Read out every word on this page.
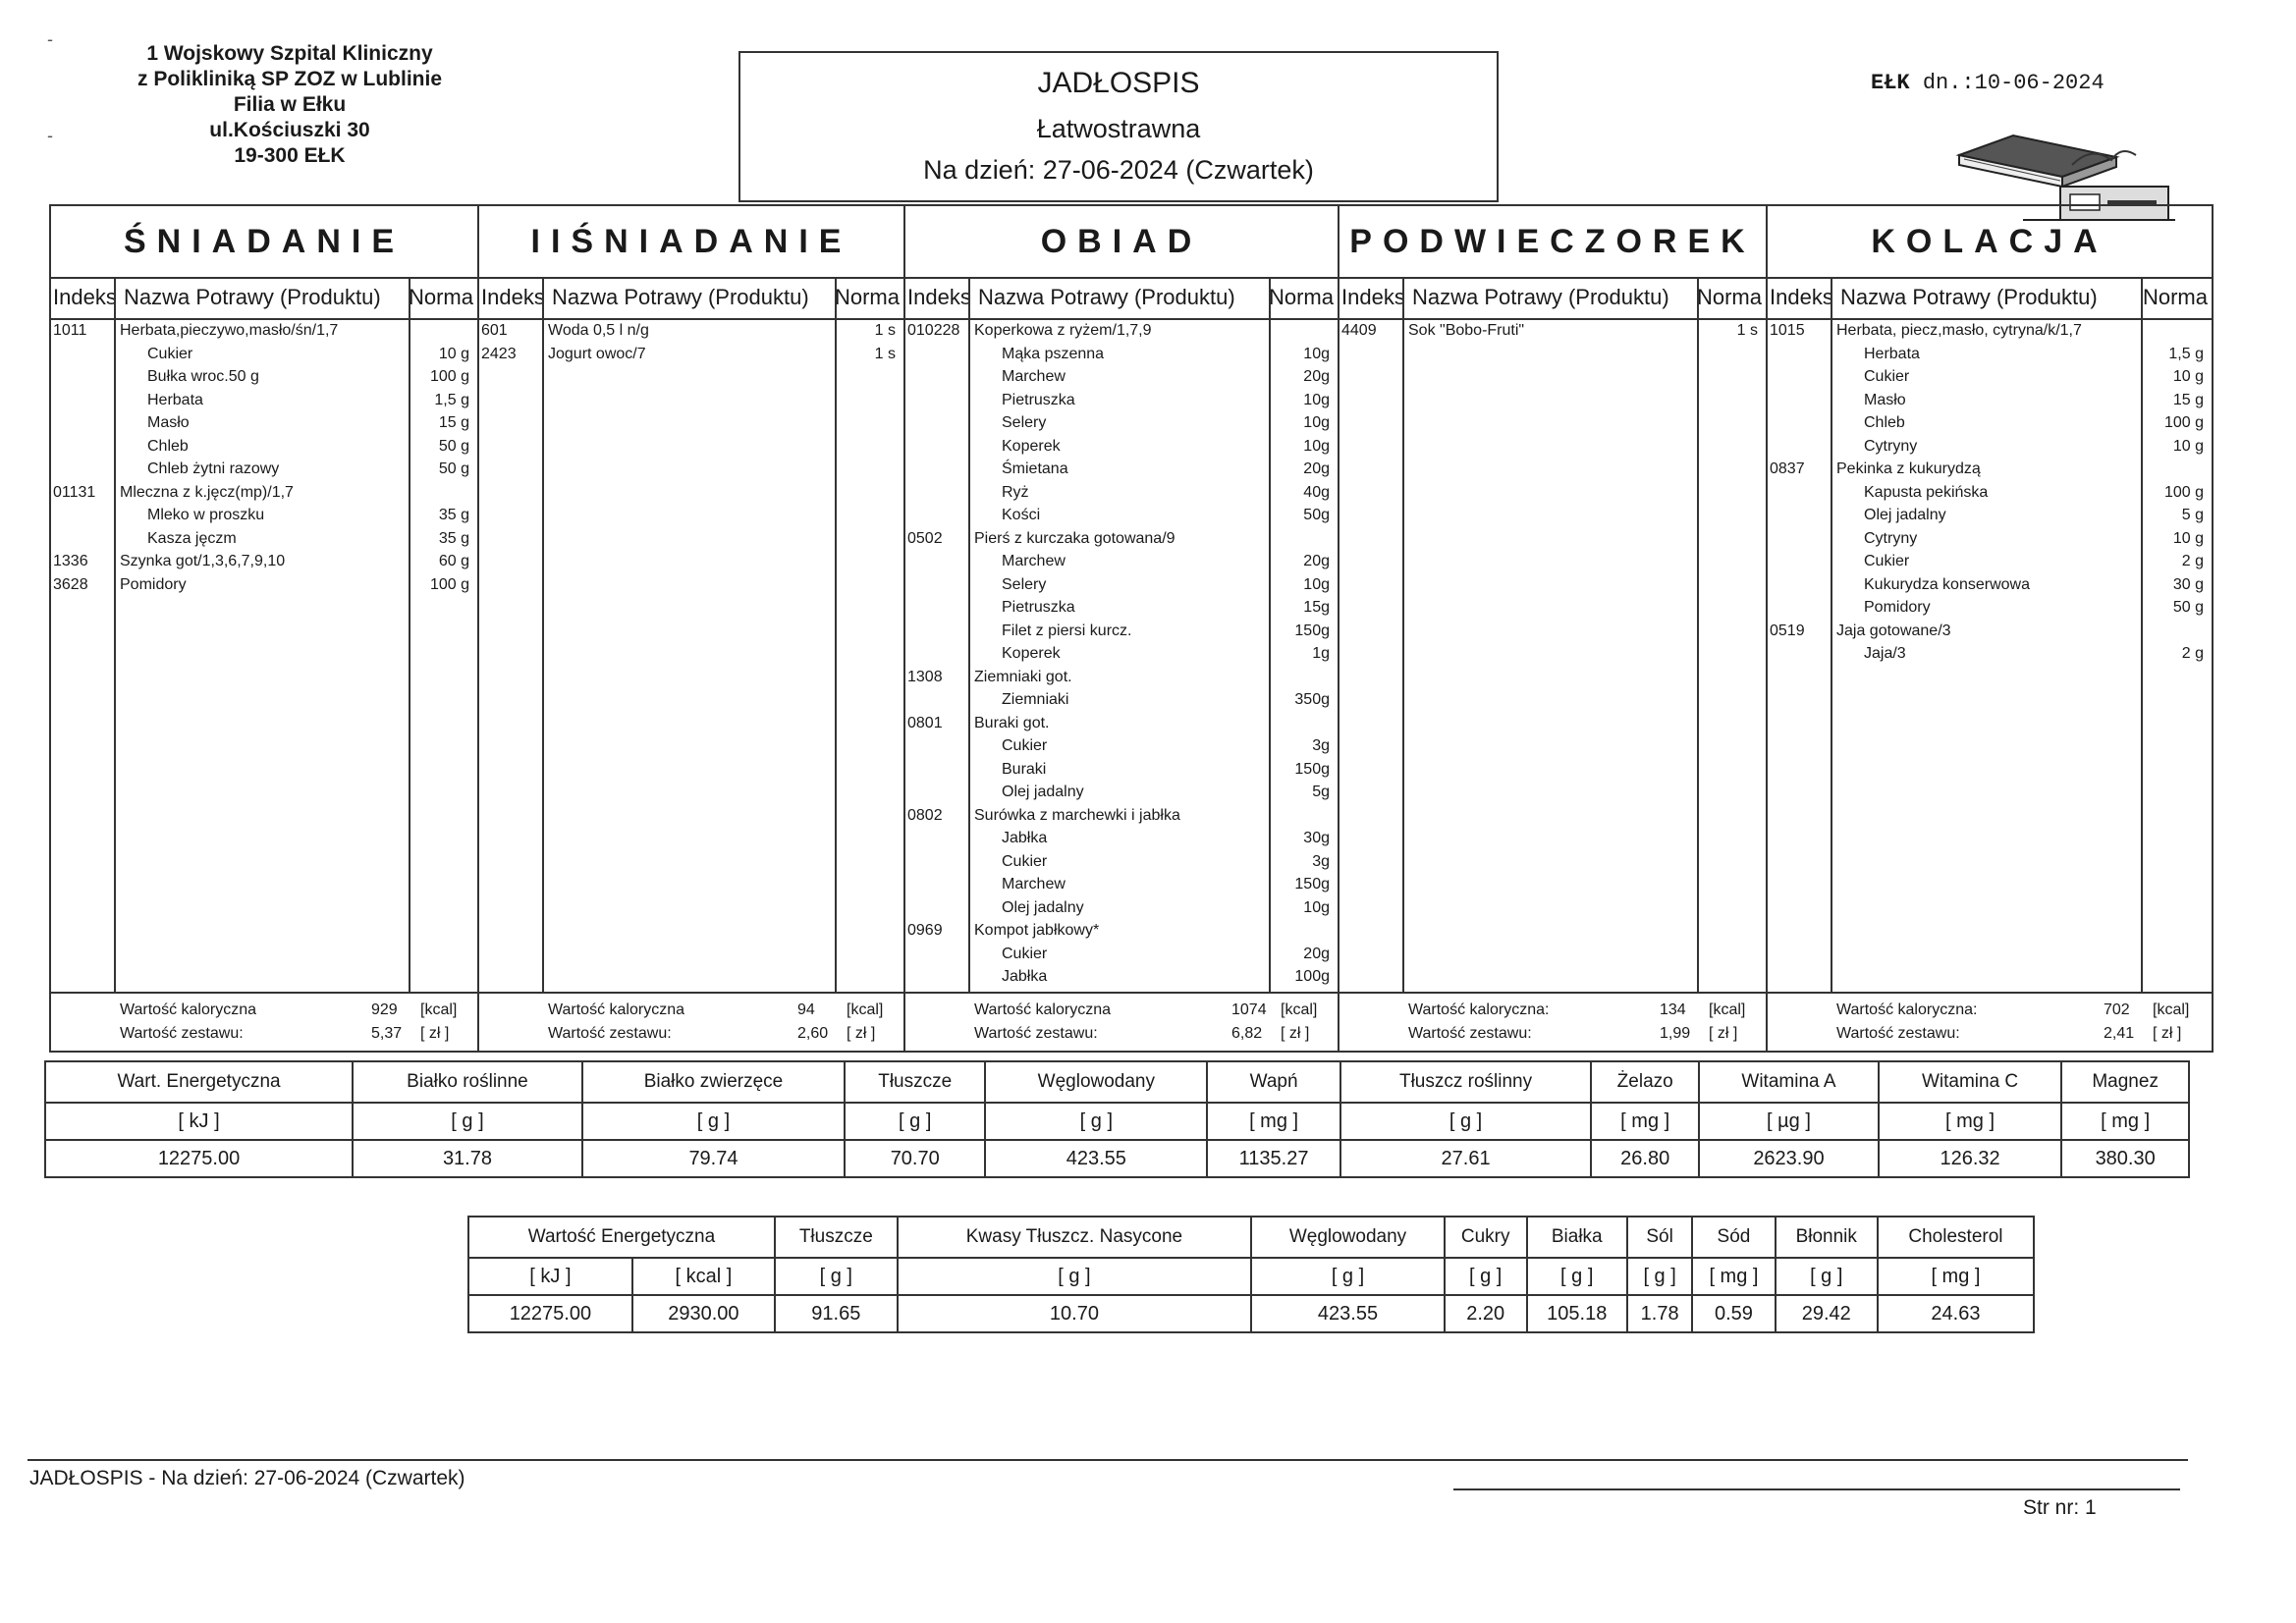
1 Wojskowy Szpital Kliniczny
z Polikliniką SP ZOZ w Lublinie
Filia w Ełku
ul.Kościuszki 30
19-300 EŁK
-
-
JADŁOSPIS
Łatwostrawna
Na dzień: 27-06-2024 (Czwartek)
EŁK dn.:10-06-2024
ŚNIADANIE
Indeks Nazwa Potrawy (Produktu) Norma
1011 Herbata,pieczywo,masło/śn/1,7
Cukier	10 g
Bułka wroc.50 g	100 g
Herbata	1,5 g
Masło	15 g
Chleb	50 g
Chleb żytni razowy	50 g
01131 Mleczna z k.jęcz(mp)/1,7
Mleko w proszku	35 g
Kasza jęczm	35 g
1336 Szynka got/1,3,6,7,9,10	60 g
3628 Pomidory	100 g
Wartość kaloryczna	929 [kcal]
Wartość zestawu:	5,37 [ zł ]
IIŚNIADANIE
Indeks Nazwa Potrawy (Produktu) Norma
601	Woda 0,5 l n/g	1 s
2423 Jogurt owoc/7	1 s
Wartość kaloryczna	94 [kcal]
Wartość zestawu:	2,60 [ zł ]
OBIAD
Indeks Nazwa Potrawy (Produktu) Norma
010228 Koperkowa z ryżem/1,7,9
Mąka pszenna	10g
Marchew	20g
Pietruszka	10g
Selery	10g
Koperek	10g
Śmietana	20g
Ryż	40g
Kości	50g
0502 Pierś z kurczaka gotowana/9
Marchew	20g
Selery	10g
Pietruszka	15g
Filet z piersi kurcz.	150g
Koperek	1g
1308 Ziemniaki got.
Ziemniaki	350g
0801 Buraki got.
Cukier	3g
Buraki	150g
Olej jadalny	5g
0802 Surówka z marchewki i jabłka
Jabłka	30g
Cukier	3g
Marchew	150g
Olej jadalny	10g
0969 Kompot jabłkowy*
Cukier	20g
Jabłka	100g
Wartość kaloryczna	1074 [kcal]
Wartość zestawu:	6,82 [ zł ]
PODWIECZOREK
Indeks Nazwa Potrawy (Produktu) Norma
4409 Sok "Bobo-Fruti"	1 s
Wartość kaloryczna:	134 [kcal]
Wartość zestawu:	1,99 [ zł ]
KOLACJA
Indeks Nazwa Potrawy (Produktu) Norma
1015 Herbata, piecz,masło, cytryna/k/1,7
Herbata	1,5 g
Cukier	10 g
Masło	15 g
Chleb	100 g
Cytryny	10 g
0837 Pekinka z kukurydzą
Kapusta pekińska	100 g
Olej jadalny	5 g
Cytryny	10 g
Cukier	2 g
Kukurydza konserwowa	30 g
Pomidory	50 g
0519 Jaja gotowane/3
Jaja/3	2 g
Wartość kaloryczna:	702 [kcal]
Wartość zestawu:	2,41 [ zł ]
Wart. Energetyczna	Białko roślinne	Białko zwierzęce	Tłuszcze	Węglowodany	Wapń	Tłuszcz roślinny	Żelazo	Witamina A	Witamina C	Magnez
[ kJ ]	[ g ]	[ g ]	[ g ]	[ g ]	[ mg ]	[ g ]	[ mg ]	[ µg ]	[ mg ]	[ mg ]
12275.00	31.78	79.74	70.70	423.55	1135.27	27.61	26.80	2623.90	126.32	380.30
Wartość Energetyczna		Tłuszcze	Kwasy Tłuszcz. Nasycone	Węglowodany	Cukry	Białka	Sól	Sód	Błonnik	Cholesterol
[ kJ ]	[ kcal ]	[ g ]	[ g ]	[ g ]	[ g ]	[ g ]	[ g ]	[ mg ]	[ g ]	[ mg ]
12275.00	2930.00	91.65	10.70	423.55	2.20	105.18	1.78	0.59	29.42	24.63
JADŁOSPIS - Na dzień: 27-06-2024 (Czwartek)
Str nr: 1
